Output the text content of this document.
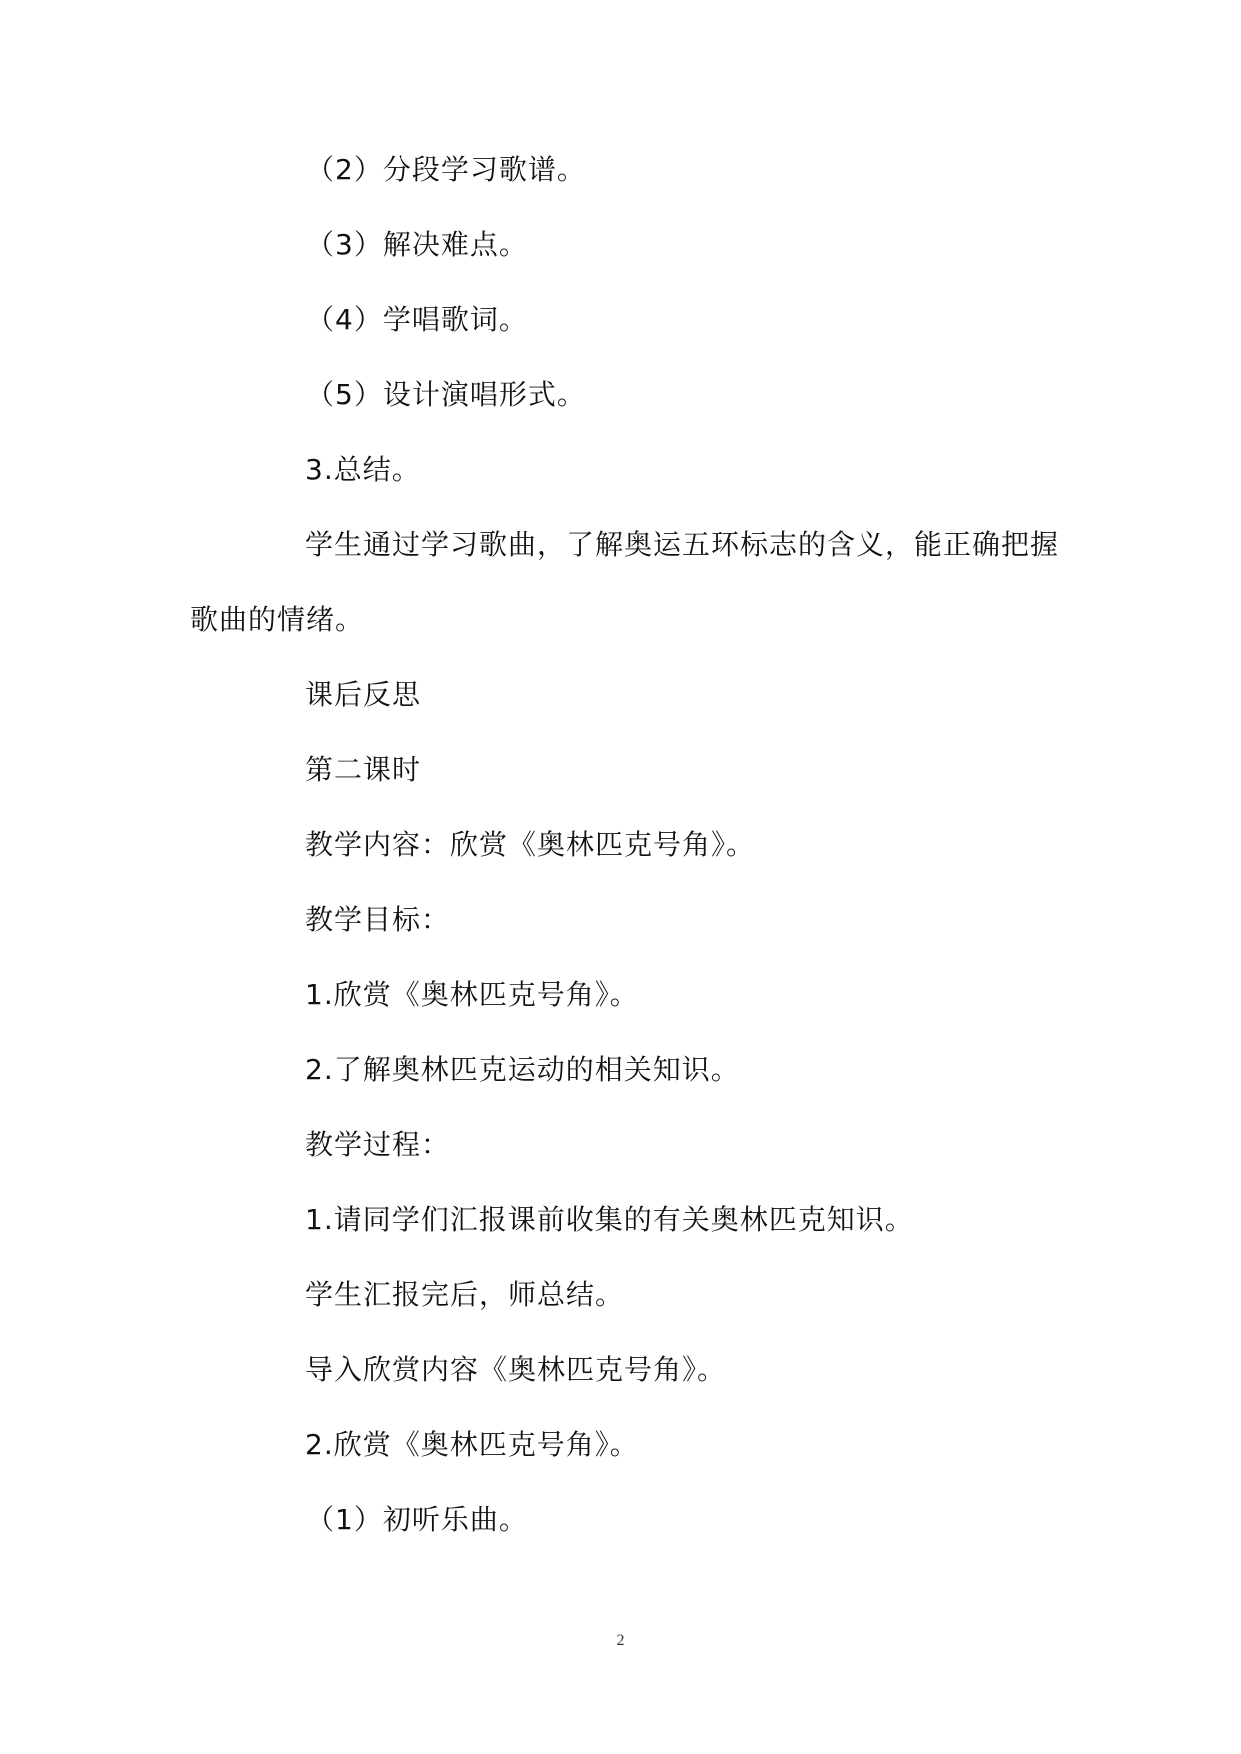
（2）分段学习歌谱。
（3）解决难点。
（4）学唱歌词。
（5）设计演唱形式。
3.总结。
学生通过学习歌曲，了解奥运五环标志的含义，能正确把握
歌曲的情绪。
课后反思
第二课时
教学内容：欣赏《奥林匹克号角》。
教学目标：
1.欣赏《奥林匹克号角》。
2.了解奥林匹克运动的相关知识。
教学过程：
1.请同学们汇报课前收集的有关奥林匹克知识。
学生汇报完后，师总结。
导入欣赏内容《奥林匹克号角》。
2.欣赏《奥林匹克号角》。
（1）初听乐曲。
2
